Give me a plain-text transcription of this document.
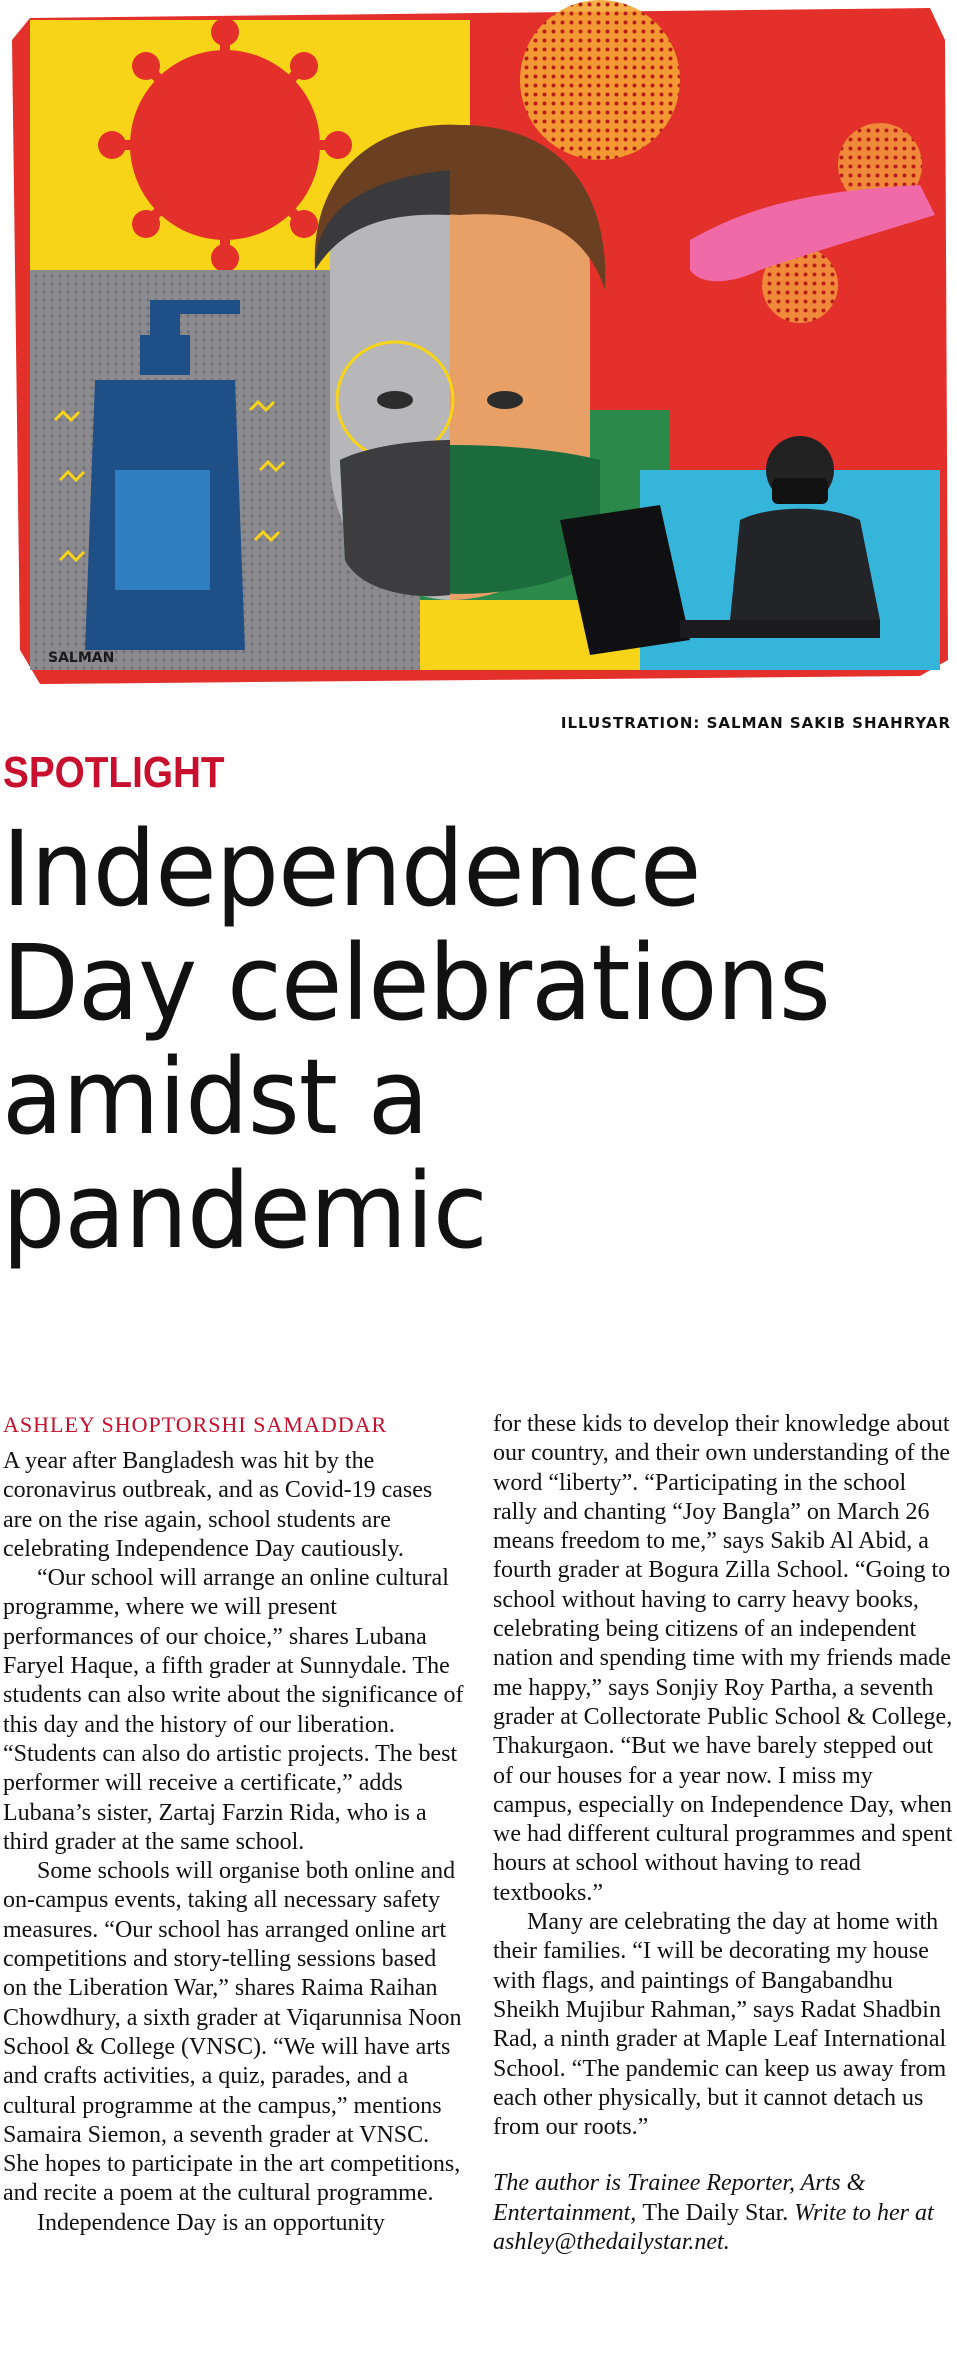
SALMAN
ILLUSTRATION: SALMAN SAKIB SHAHRYAR
SPOTLIGHT
Independence Day celebrations amidst a pandemic
ASHLEY SHOPTORSHI SAMADDAR

A year after Bangladesh was hit by the coronavirus outbreak, and as Covid-19 cases are on the rise again, school students are celebrating Independence Day cautiously.

“Our school will arrange an online cultural programme, where we will present performances of our choice,” shares Lubana Faryel Haque, a fifth grader at Sunnydale. The students can also write about the significance of this day and the history of our liberation. “Students can also do artistic projects. The best performer will receive a certificate,” adds Lubana’s sister, Zartaj Farzin Rida, who is a third grader at the same school.

Some schools will organise both online and on-campus events, taking all necessary safety measures. “Our school has arranged online art competitions and story-telling sessions based on the Liberation War,” shares Raima Raihan Chowdhury, a sixth grader at Viqarunnisa Noon School & College (VNSC). “We will have arts and crafts activities, a quiz, parades, and a cultural programme at the campus,” mentions Samaira Siemon, a seventh grader at VNSC. She hopes to participate in the art competitions, and recite a poem at the cultural programme.

Independence Day is an opportunity

for these kids to develop their knowledge about our country, and their own understanding of the word “liberty”. “Participating in the school rally and chanting “Joy Bangla” on March 26 means freedom to me,” says Sakib Al Abid, a fourth grader at Bogura Zilla School. “Going to school without having to carry heavy books, celebrating being citizens of an independent nation and spending time with my friends made me happy,” says Sonjiy Roy Partha, a seventh grader at Collectorate Public School & College, Thakurgaon. “But we have barely stepped out of our houses for a year now. I miss my campus, especially on Independence Day, when we had different cultural programmes and spent hours at school without having to read textbooks.”

Many are celebrating the day at home with their families. “I will be decorating my house with flags, and paintings of Bangabandhu Sheikh Mujibur Rahman,” says Radat Shadbin Rad, a ninth grader at Maple Leaf International School. “The pandemic can keep us away from each other physically, but it cannot detach us from our roots.”

The author is Trainee Reporter, Arts & Entertainment, The Daily Star. Write to her at ashley@thedailystar.net.
